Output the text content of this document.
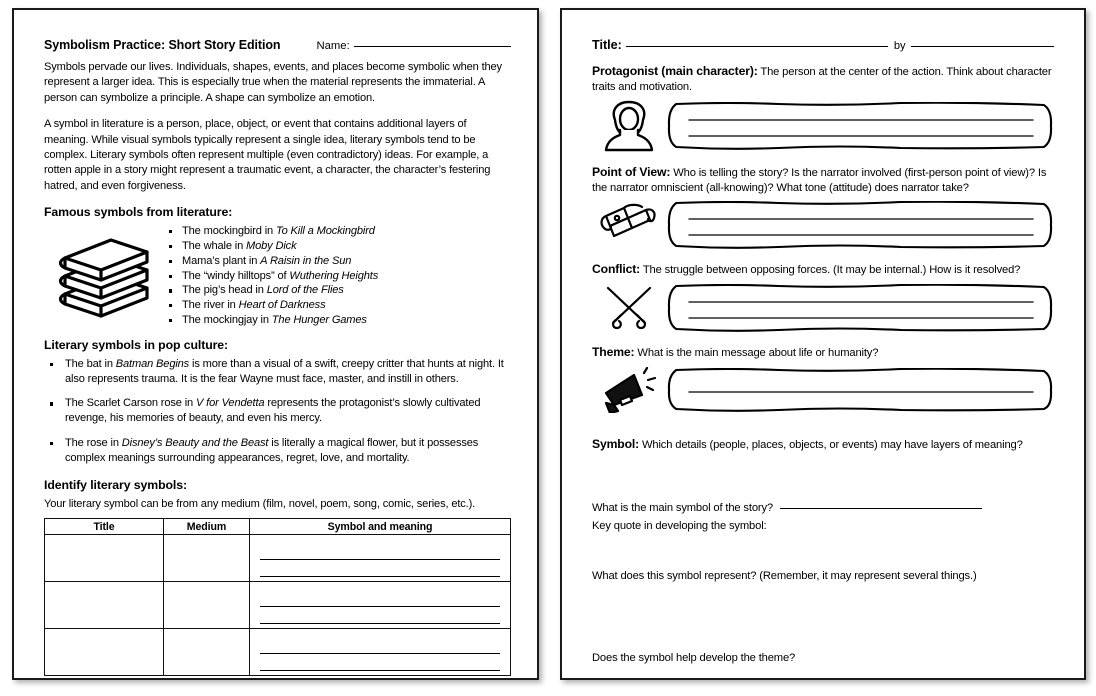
Symbolism Practice: Short Story Edition	Name:
Symbols pervade our lives. Individuals, shapes, events, and places become symbolic when they represent a larger idea. This is especially true when the material represents the immaterial. A person can symbolize a principle. A shape can symbolize an emotion.
A symbol in literature is a person, place, object, or event that contains additional layers of meaning. While visual symbols typically represent a single idea, literary symbols tend to be complex. Literary symbols often represent multiple (even contradictory) ideas. For example, a rotten apple in a story might represent a traumatic event, a character, the character’s festering hatred, and even forgiveness.
Famous symbols from literature:
The mockingbird in To Kill a Mockingbird
The whale in Moby Dick
Mama’s plant in A Raisin in the Sun
The “windy hilltops” of Wuthering Heights
The pig’s head in Lord of the Flies
The river in Heart of Darkness
The mockingjay in The Hunger Games
Literary symbols in pop culture:
The bat in Batman Begins is more than a visual of a swift, creepy critter that hunts at night. It also represents trauma. It is the fear Wayne must face, master, and instill in others.
The Scarlet Carson rose in V for Vendetta represents the protagonist’s slowly cultivated revenge, his memories of beauty, and even his mercy.
The rose in Disney’s Beauty and the Beast is literally a magical flower, but it possesses complex meanings surrounding appearances, regret, love, and mortality.
Identify literary symbols:
Your literary symbol can be from any medium (film, novel, poem, song, comic, series, etc.).
Title	Medium	Symbol and meaning

Title:	by
Protagonist (main character): The person at the center of the action. Think about character traits and motivation.
Point of View: Who is telling the story? Is the narrator involved (first-person point of view)? Is the narrator omniscient (all-knowing)? What tone (attitude) does narrator take?
Conflict: The struggle between opposing forces. (It may be internal.) How is it resolved?
Theme: What is the main message about life or humanity?
Symbol: Which details (people, places, objects, or events) may have layers of meaning?
What is the main symbol of the story?
Key quote in developing the symbol:
What does this symbol represent? (Remember, it may represent several things.)
Does the symbol help develop the theme?
